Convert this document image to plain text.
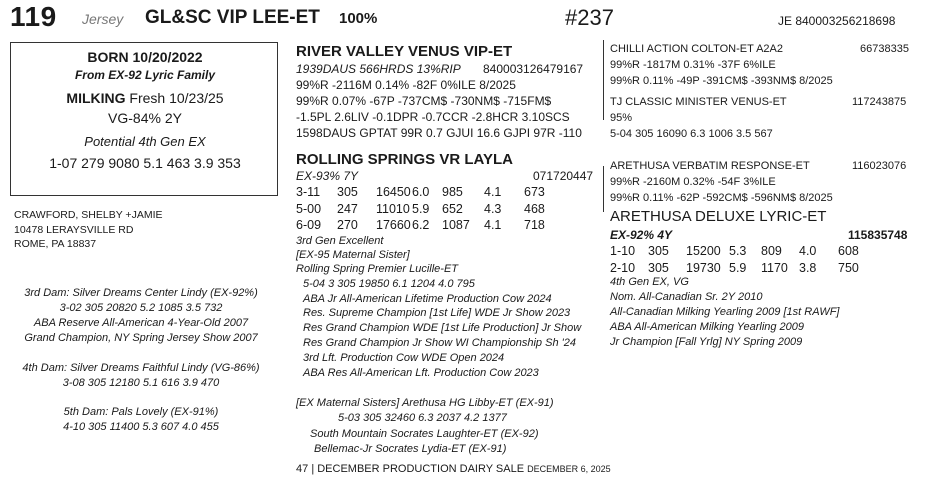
119 Jersey GL&SC VIP LEE-ET 100%	#237	JE 840003256218698
BORN 10/20/2022
From EX-92 Lyric Family
MILKING Fresh 10/23/25
VG-84% 2Y
Potential 4th Gen EX
1-07 279 9080 5.1 463 3.9 353
CRAWFORD, SHELBY +JAMIE
10478 LERAYSVILLE RD
ROME, PA 18837
3rd Dam: Silver Dreams Center Lindy (EX-92%)
3-02 305 20820 5.2 1085 3.5 732
ABA Reserve All-American 4-Year-Old 2007
Grand Champion, NY Spring Jersey Show 2007
4th Dam: Silver Dreams Faithful Lindy (VG-86%)
3-08 305 12180 5.1 616 3.9 470
5th Dam: Pals Lovely (EX-91%)
4-10 305 11400 5.3 607 4.0 455
RIVER VALLEY VENUS VIP-ET
1939DAUS 566HRDS 13%RIP 840003126479167
99%R -2116M 0.14% -82F 0%ILE 8/2025
99%R 0.07% -67P -737CM$ -730NM$ -715FM$
-1.5PL 2.6LIV -0.1DPR -0.7CCR -2.8HCR 3.10SCS
1598DAUS GPTAT 99R 0.7 GJUI 16.6 GJPI 97R -110
ROLLING SPRINGS VR LAYLA
EX-93% 7Y	071720447
3-11 305 16450 6.0 985 4.1 673
5-00 247 11010 5.9 652 4.3 468
6-09 270 17660 6.2 1087 4.1 718
3rd Gen Excellent
[EX-95 Maternal Sister]
Rolling Spring Premier Lucille-ET
5-04 3 305 19850 6.1 1204 4.0 795
ABA Jr All-American Lifetime Production Cow 2024
Res. Supreme Champion [1st Life] WDE Jr Show 2023
Res Grand Champion WDE [1st Life Production] Jr Show
Res Grand Champion Jr Show WI Championship Sh '24
3rd Lft. Production Cow WDE Open 2024
ABA Res All-American Lft. Production Cow 2023
[EX Maternal Sisters] Arethusa HG Libby-ET (EX-91)
5-03 305 32460 6.3 2037 4.2 1377
South Mountain Socrates Laughter-ET (EX-92)
Bellemac-Jr Socrates Lydia-ET (EX-91)
47 | DECEMBER PRODUCTION DAIRY SALE DECEMBER 6, 2025
CHILLI ACTION COLTON-ET A2A2	66738335
99%R -1817M 0.31% -37F 6%ILE
99%R 0.11% -49P -391CM$ -393NM$ 8/2025
TJ CLASSIC MINISTER VENUS-ET	117243875
95%
5-04 305 16090 6.3 1006 3.5 567
ARETHUSA VERBATIM RESPONSE-ET	116023076
99%R -2160M 0.32% -54F 3%ILE
99%R 0.11% -62P -592CM$ -596NM$ 8/2025
ARETHUSA DELUXE LYRIC-ET
EX-92% 4Y	115835748
1-10 305 15200 5.3 809 4.0 608
2-10 305 19730 5.9 1170 3.8 750
4th Gen EX, VG
Nom. All-Canadian Sr. 2Y 2010
All-Canadian Milking Yearling 2009 [1st RAWF]
ABA All-American Milking Yearling 2009
Jr Champion [Fall Yrlg] NY Spring 2009
